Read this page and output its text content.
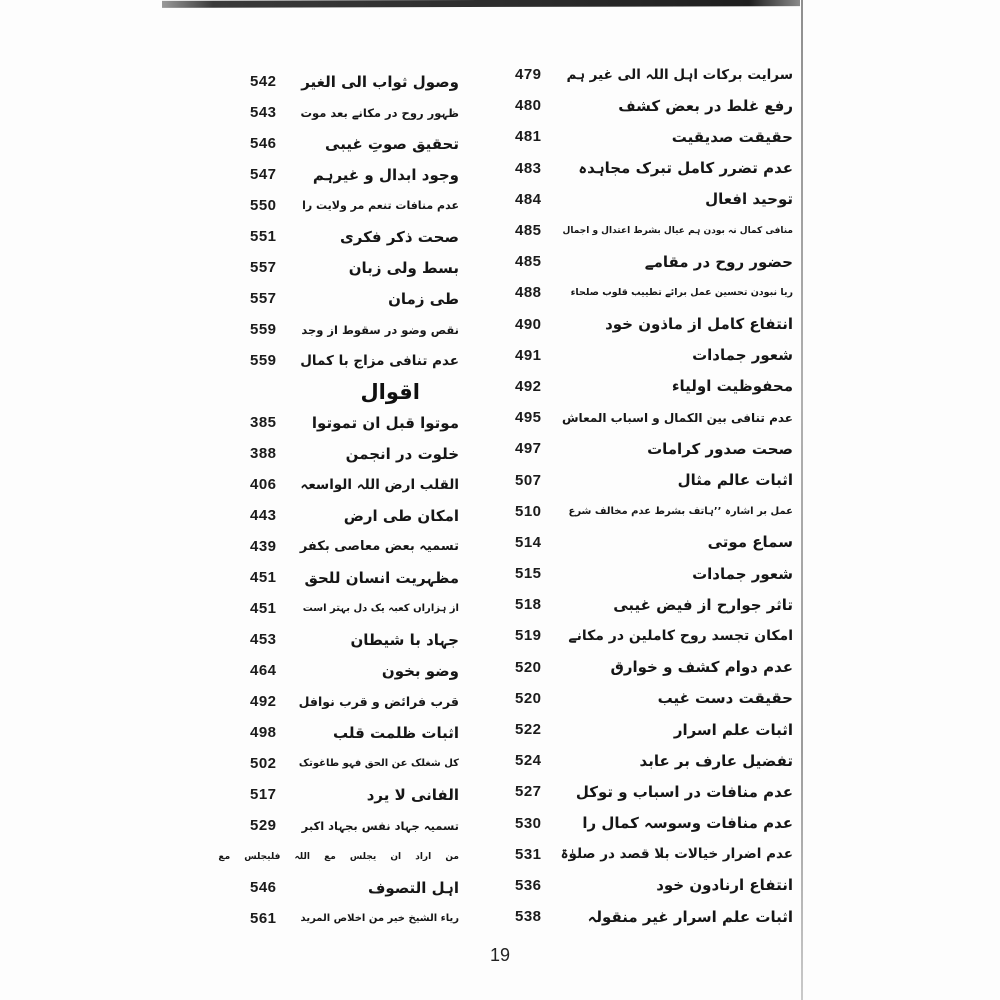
479	سرایت برکات اہل اللہ الی غیر ہم
480	رفع غلط در بعض کشف
481	حقیقت صدیقیت
483	عدم تضرر کامل تبرک مجاہدہ
484	توحید افعال
485	منافی کمال نہ بودن ہم عیال بشرط اعتدال و اجمال
485	حضور روح در مقامے
488	ریا نبودن تحسین عمل برائے تطییب قلوب صلحاء
490	انتفاع کامل از ماذون خود
491	شعور جمادات
492	محفوظیت اولیاء
495	عدم تنافی بین الکمال و اسباب المعاش
497	صحت صدور کرامات
507	اثبات عالم مثال
510	عمل بر اشارہ ’’ہاتف بشرط عدم مخالف شرع
514	سماع موتی
515	شعور جمادات
518	تاثر جوارح از فیض غیبی
519	امکان تجسد روح کاملین در مکانے
520	عدم دوام کشف و خوارق
520	حقیقت دست غیب
522	اثبات علم اسرار
524	تفضیل عارف بر عابد
527	عدم منافات در اسباب و توکل
530	عدم منافات وسوسہ کمال را
531	عدم اضرار خیالات بلا قصد در صلوٰۃ
536	انتفاع ارنادون خود
538	اثبات علم اسرار غیر منقولہ
542	وصول ثواب الی الغیر
543	ظہور روح در مکانے بعد موت
546	تحقیق صوتِ غیبی
547	وجود ابدال و غیرہم
550	عدم منافات تنعم مر ولایت را
551	صحت ذکر فکری
557	بسط ولی زبان
557	طی زمان
559	نقص وضو در سقوط از وجد
559	عدم تنافی مزاج با کمال
اقوال
385	موتوا قبل ان تموتوا
388	خلوت در انجمن
406	القلب ارض اللہ الواسعہ
443	امکان طی ارض
439	تسمیہ بعض معاصی بکفر
451	مظہریت انسان للحق
451	از ہزاراں کعبہ یک دل بہتر است
453	جہاد با شیطان
464	وضو بخون
492	قرب فرائض و قرب نوافل
498	اثبات ظلمت قلب
502	کل شغلک عن الحق فہو طاغوتک
517	الفانی لا یرد
529	تسمیہ جہاد نفس بجہاد اکبر
من اراد ان یجلس مع اللہ فلیجلس مع
546	اہل التصوف
561	ریاء الشیخ خیر من اخلاص المرید
19
